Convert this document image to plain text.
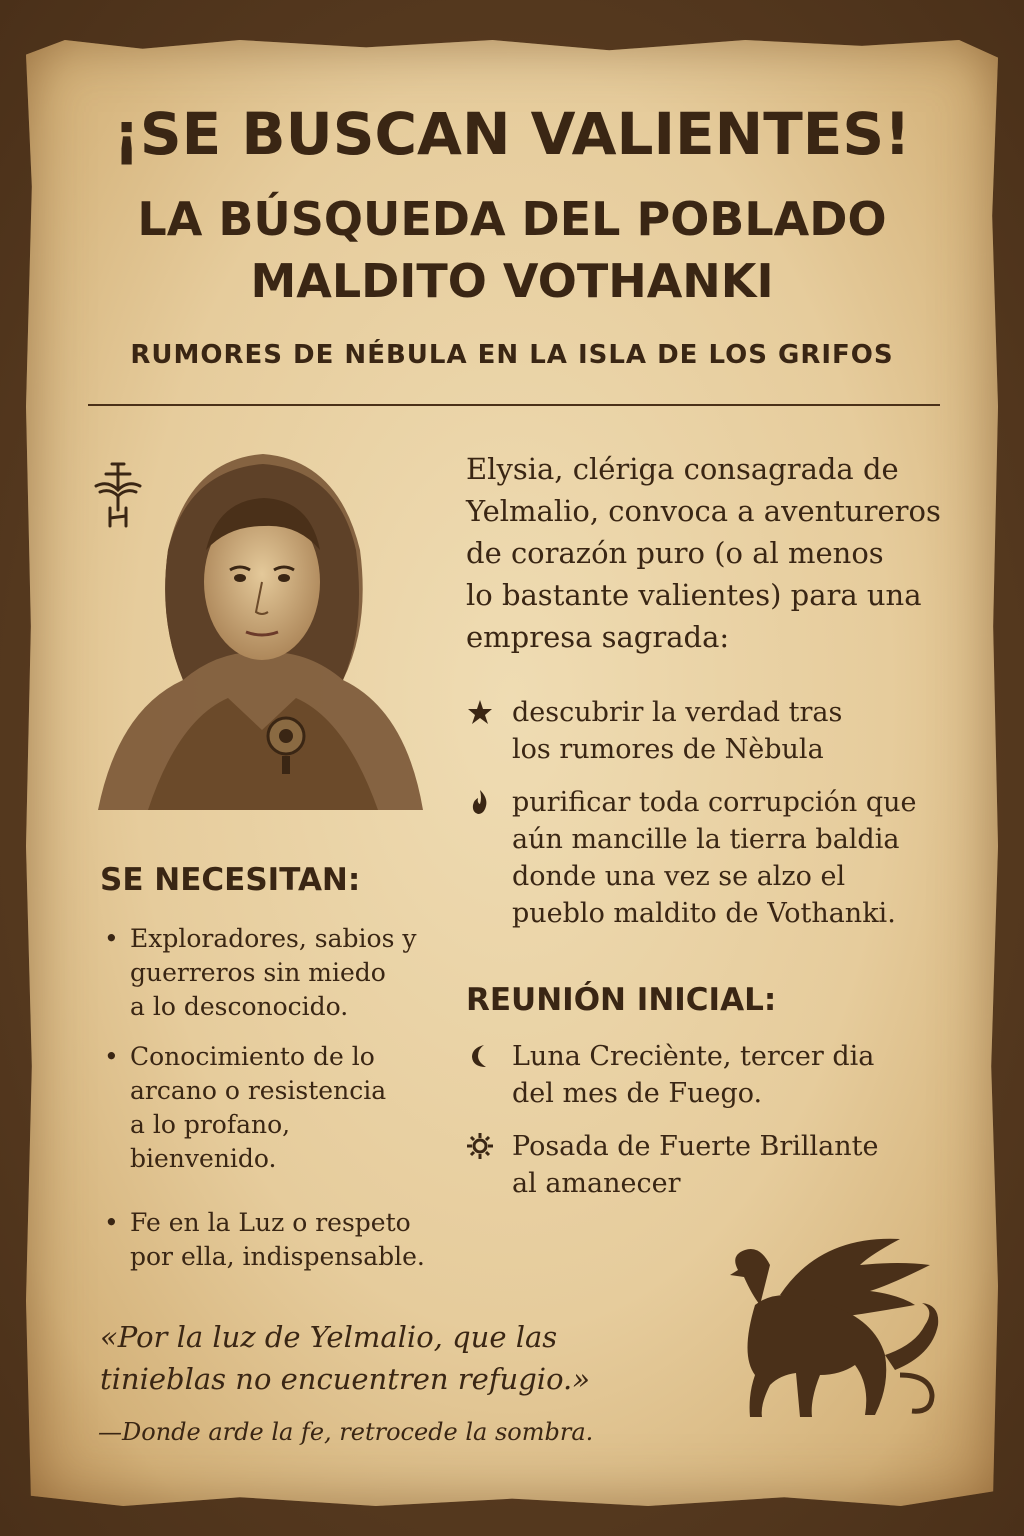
¡SE BUSCAN VALIENTES!
LA BÚSQUEDA DEL POBLADO
MALDITO VOTHANKI
RUMORES DE NÉBULA EN LA ISLA DE LOS GRIFOS
Elysia, clériga consagrada de
Yelmalio, convoca a aventureros
de corazón puro (o al menos
lo bastante valientes) para una
empresa sagrada:
descubrir la verdad tras
los rumores de Nèbula
purificar toda corrupción que
aún mancille la tierra baldia
donde una vez se alzo el
pueblo maldito de Vothanki.
SE NECESITAN:
• Exploradores, sabios y
guerreros sin miedo
a lo desconocido.
• Conocimiento de lo
arcano o resistencia
a lo profano,
bienvenido.
• Fe en la Luz o respeto
por ella, indispensable.
REUNIÓN INICIAL:
Luna Creciènte, tercer dia
del mes de Fuego.
Posada de Fuerte Brillante
al amanecer
«Por la luz de Yelmalio, que las
tinieblas no encuentren refugio.»
—Donde arde la fe, retrocede la sombra.
